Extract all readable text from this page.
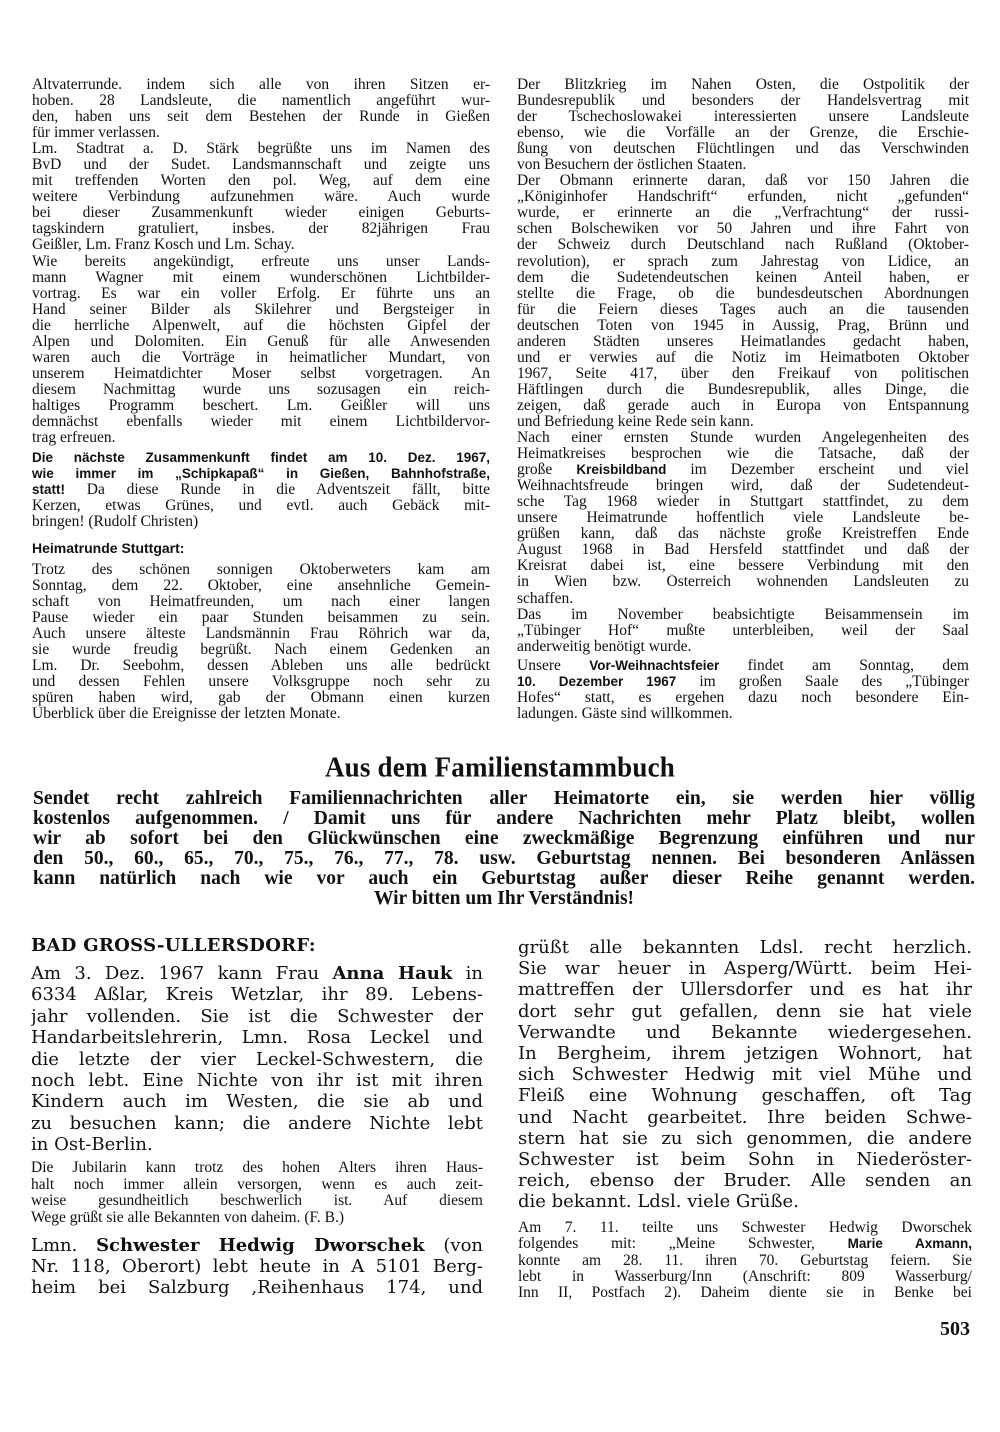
Altvaterrunde. indem sich alle von ihren Sitzen er-
hoben. 28 Landsleute, die namentlich angeführt wur-
den, haben uns seit dem Bestehen der Runde in Gießen
für immer verlassen.
Lm. Stadtrat a. D. Stärk begrüßte uns im Namen des
BvD und der Sudet. Landsmannschaft und zeigte uns
mit treffenden Worten den pol. Weg, auf dem eine
weitere Verbindung aufzunehmen wäre. Auch wurde
bei dieser Zusammenkunft wieder einigen Geburts-
tagskindern gratuliert, insbes. der 82jährigen Frau
Geißler, Lm. Franz Kosch und Lm. Schay.
Wie bereits angekündigt, erfreute uns unser Lands-
mann Wagner mit einem wunderschönen Lichtbilder-
vortrag. Es war ein voller Erfolg. Er führte uns an
Hand seiner Bilder als Skilehrer und Bergsteiger in
die herrliche Alpenwelt, auf die höchsten Gipfel der
Alpen und Dolomiten. Ein Genuß für alle Anwesenden
waren auch die Vorträge in heimatlicher Mundart, von
unserem Heimatdichter Moser selbst vorgetragen. An
diesem Nachmittag wurde uns sozusagen ein reich-
haltiges Programm beschert. Lm. Geißler will uns
demnächst ebenfalls wieder mit einem Lichtbildervor-
trag erfreuen.
Die nächste Zusammenkunft findet am 10. Dez. 1967,
wie immer im „Schipkapaß“ in Gießen, Bahnhofstraße,
statt! Da diese Runde in die Adventszeit fällt, bitte
Kerzen, etwas Grünes, und evtl. auch Gebäck mit-
bringen! (Rudolf Christen)
Heimatrunde Stuttgart:
Trotz des schönen sonnigen Oktoberweters kam am
Sonntag, dem 22. Oktober, eine ansehnliche Gemein-
schaft von Heimatfreunden, um nach einer langen
Pause wieder ein paar Stunden beisammen zu sein.
Auch unsere älteste Landsmännin Frau Röhrich war da,
sie wurde freudig begrüßt. Nach einem Gedenken an
Lm. Dr. Seebohm, dessen Ableben uns alle bedrückt
und dessen Fehlen unsere Volksgruppe noch sehr zu
spüren haben wird, gab der Obmann einen kurzen
Überblick über die Ereignisse der letzten Monate.
Der Blitzkrieg im Nahen Osten, die Ostpolitik der
Bundesrepublik und besonders der Handelsvertrag mit
der Tschechoslowakei interessierten unsere Landsleute
ebenso, wie die Vorfälle an der Grenze, die Erschie-
ßung von deutschen Flüchtlingen und das Verschwinden
von Besuchern der östlichen Staaten.
Der Obmann erinnerte daran, daß vor 150 Jahren die
„Königinhofer Handschrift“ erfunden, nicht „gefunden“
wurde, er erinnerte an die „Verfrachtung“ der russi-
schen Bolschewiken vor 50 Jahren und ihre Fahrt von
der Schweiz durch Deutschland nach Rußland (Oktober-
revolution), er sprach zum Jahrestag von Lidice, an
dem die Sudetendeutschen keinen Anteil haben, er
stellte die Frage, ob die bundesdeutschen Abordnungen
für die Feiern dieses Tages auch an die tausenden
deutschen Toten von 1945 in Aussig, Prag, Brünn und
anderen Städten unseres Heimatlandes gedacht haben,
und er verwies auf die Notiz im Heimatboten Oktober
1967, Seite 417, über den Freikauf von politischen
Häftlingen durch die Bundesrepublik, alles Dinge, die
zeigen, daß gerade auch in Europa von Entspannung
und Befriedung keine Rede sein kann.
Nach einer ernsten Stunde wurden Angelegenheiten des
Heimatkreises besprochen wie die Tatsache, daß der
große Kreisbildband im Dezember erscheint und viel
Weihnachtsfreude bringen wird, daß der Sudetendeut-
sche Tag 1968 wieder in Stuttgart stattfindet, zu dem
unsere Heimatrunde hoffentlich viele Landsleute be-
grüßen kann, daß das nächste große Kreistreffen Ende
August 1968 in Bad Hersfeld stattfindet und daß der
Kreisrat dabei ist, eine bessere Verbindung mit den
in Wien bzw. Österreich wohnenden Landsleuten zu
schaffen.
Das im November beabsichtigte Beisammensein im
„Tübinger Hof“ mußte unterbleiben, weil der Saal
anderweitig benötigt wurde.
Unsere Vor-Weihnachtsfeier findet am Sonntag, dem
10. Dezember 1967 im großen Saale des „Tübinger
Hofes“ statt, es ergehen dazu noch besondere Ein-
ladungen. Gäste sind willkommen.
Aus dem Familienstammbuch
Sendet recht zahlreich Familiennachrichten aller Heimatorte ein, sie werden hier völlig
kostenlos aufgenommen. / Damit uns für andere Nachrichten mehr Platz bleibt, wollen
wir ab sofort bei den Glückwünschen eine zweckmäßige Begrenzung einführen und nur
den 50., 60., 65., 70., 75., 76., 77., 78. usw. Geburtstag nennen. Bei besonderen Anlässen
kann natürlich nach wie vor auch ein Geburtstag außer dieser Reihe genannt werden.
Wir bitten um Ihr Verständnis!
BAD GROSS-ULLERSDORF:
Am 3. Dez. 1967 kann Frau Anna Hauk in
6334 Aßlar, Kreis Wetzlar, ihr 89. Lebens-
jahr vollenden. Sie ist die Schwester der
Handarbeitslehrerin, Lmn. Rosa Leckel und
die letzte der vier Leckel-Schwestern, die
noch lebt. Eine Nichte von ihr ist mit ihren
Kindern auch im Westen, die sie ab und
zu besuchen kann; die andere Nichte lebt
in Ost-Berlin.
Die Jubilarin kann trotz des hohen Alters ihren Haus-
halt noch immer allein versorgen, wenn es auch zeit-
weise gesundheitlich beschwerlich ist. Auf diesem
Wege grüßt sie alle Bekannten von daheim. (F. B.)
Lmn. Schwester Hedwig Dworschek (von
Nr. 118, Oberort) lebt heute in A 5101 Berg-
heim bei Salzburg ,Reihenhaus 174, und
grüßt alle bekannten Ldsl. recht herzlich.
Sie war heuer in Asperg/Württ. beim Hei-
mattreffen der Ullersdorfer und es hat ihr
dort sehr gut gefallen, denn sie hat viele
Verwandte und Bekannte wiedergesehen.
In Bergheim, ihrem jetzigen Wohnort, hat
sich Schwester Hedwig mit viel Mühe und
Fleiß eine Wohnung geschaffen, oft Tag
und Nacht gearbeitet. Ihre beiden Schwe-
stern hat sie zu sich genommen, die andere
Schwester ist beim Sohn in Niederöster-
reich, ebenso der Bruder. Alle senden an
die bekannt. Ldsl. viele Grüße.
Am 7. 11. teilte uns Schwester Hedwig Dworschek
folgendes mit: „Meine Schwester, Marie Axmann,
konnte am 28. 11. ihren 70. Geburtstag feiern. Sie
lebt in Wasserburg/Inn (Anschrift: 809 Wasserburg/
Inn II, Postfach 2). Daheim diente sie in Benke bei
503
